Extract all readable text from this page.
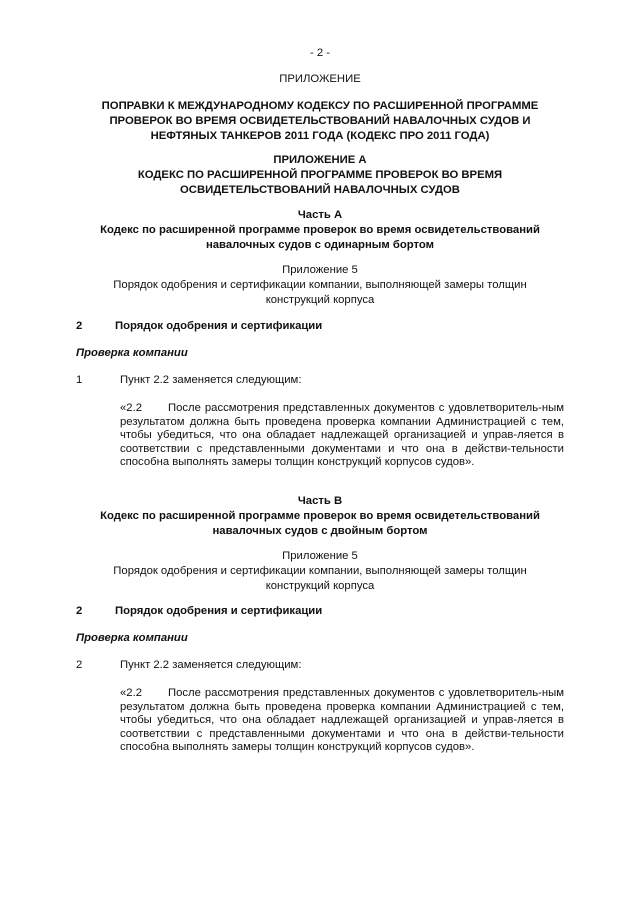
- 2 -
ПРИЛОЖЕНИЕ
ПОПРАВКИ К МЕЖДУНАРОДНОМУ КОДЕКСУ ПО РАСШИРЕННОЙ ПРОГРАММЕ
ПРОВЕРОК ВО ВРЕМЯ ОСВИДЕТЕЛЬСТВОВАНИЙ НАВАЛОЧНЫХ СУДОВ И
НЕФТЯНЫХ ТАНКЕРОВ 2011 ГОДА (КОДЕКС ПРО 2011 ГОДА)
ПРИЛОЖЕНИЕ А
КОДЕКС ПО РАСШИРЕННОЙ ПРОГРАММЕ ПРОВЕРОК ВО ВРЕМЯ
ОСВИДЕТЕЛЬСТВОВАНИЙ НАВАЛОЧНЫХ СУДОВ
Часть А
Кодекс по расширенной программе проверок во время освидетельствований
навалочных судов с одинарным бортом
Приложение 5
Порядок одобрения и сертификации компании, выполняющей замеры толщин
конструкций корпуса
2	Порядок одобрения и сертификации
Проверка компании
1	Пункт 2.2 заменяется следующим:
«2.2 После рассмотрения представленных документов с удовлетворитель-ным результатом должна быть проведена проверка компании Администрацией с тем, чтобы убедиться, что она обладает надлежащей организацией и управ-ляется в соответствии с представленными документами и что она в действи-тельности способна выполнять замеры толщин конструкций корпусов судов».
Часть В
Кодекс по расширенной программе проверок во время освидетельствований
навалочных судов с двойным бортом
Приложение 5
Порядок одобрения и сертификации компании, выполняющей замеры толщин
конструкций корпуса
2	Порядок одобрения и сертификации
Проверка компании
2	Пункт 2.2 заменяется следующим:
«2.2 После рассмотрения представленных документов с удовлетворитель-ным результатом должна быть проведена проверка компании Администрацией с тем, чтобы убедиться, что она обладает надлежащей организацией и управ-ляется в соответствии с представленными документами и что она в действи-тельности способна выполнять замеры толщин конструкций корпусов судов».
